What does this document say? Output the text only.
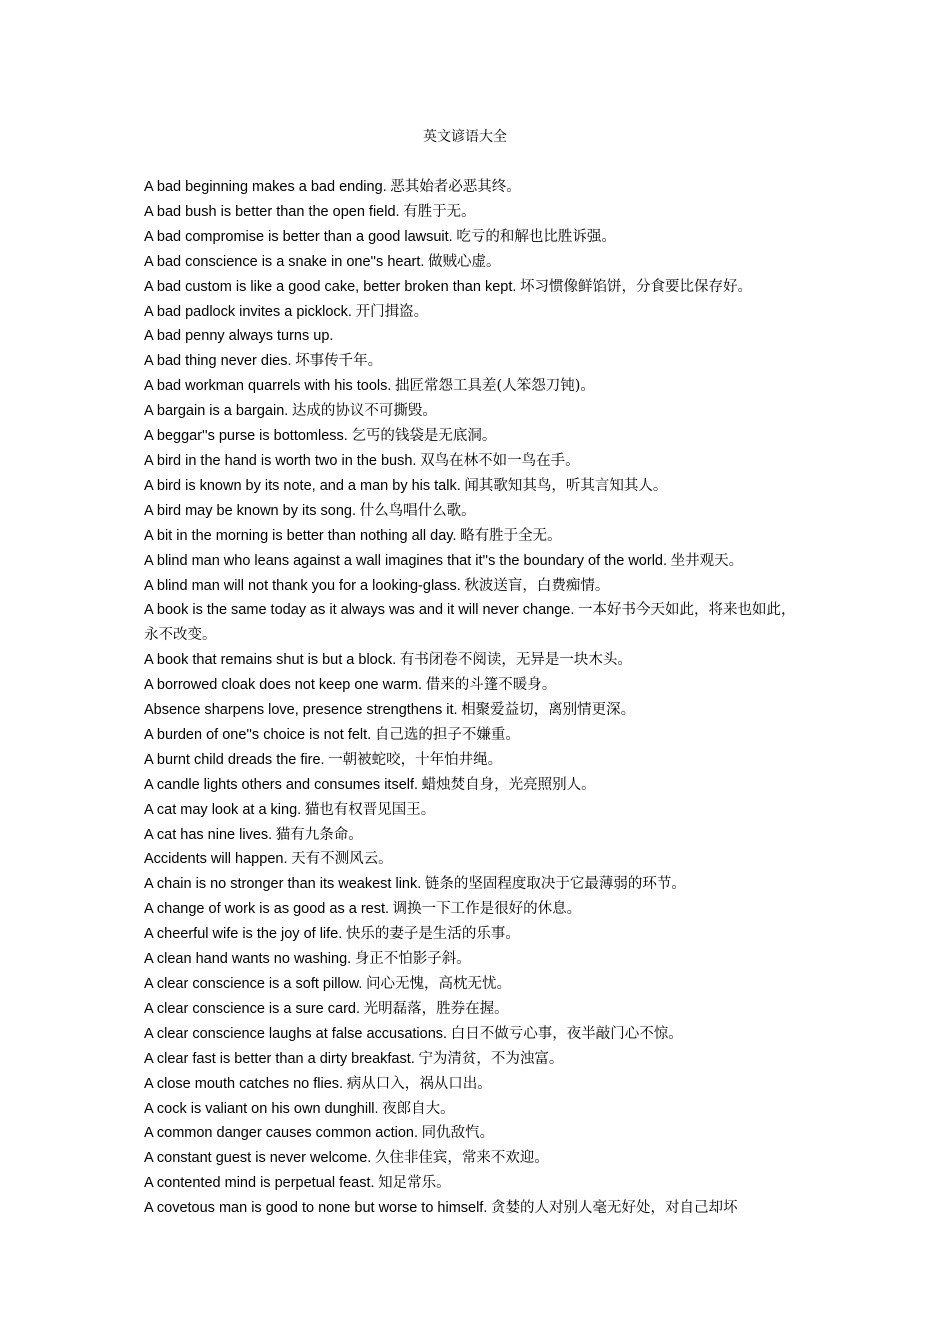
英文谚语大全
A bad beginning makes a bad ending. 恶其始者必恶其终。
A bad bush is better than the open field. 有胜于无。
A bad compromise is better than a good lawsuit. 吃亏的和解也比胜诉强。
A bad conscience is a snake in one''s heart. 做贼心虚。
A bad custom is like a good cake, better broken than kept. 坏习惯像鲜馅饼，分食要比保存好。
A bad padlock invites a picklock. 开门揖盗。
A bad penny always turns up.
A bad thing never dies. 坏事传千年。
A bad workman quarrels with his tools. 拙匠常怨工具差(人笨怨刀钝)。
A bargain is a bargain. 达成的协议不可撕毁。
A beggar''s purse is bottomless. 乞丐的钱袋是无底洞。
A bird in the hand is worth two in the bush. 双鸟在林不如一鸟在手。
A bird is known by its note, and a man by his talk. 闻其歌知其鸟，听其言知其人。
A bird may be known by its song. 什么鸟唱什么歌。
A bit in the morning is better than nothing all day. 略有胜于全无。
A blind man who leans against a wall imagines that it''s the boundary of the world. 坐井观天。
A blind man will not thank you for a looking-glass. 秋波送盲，白费痴情。
A book is the same today as it always was and it will never change. 一本好书今天如此，将来也如此，永不改变。
A book that remains shut is but a block. 有书闭卷不阅读，无异是一块木头。
A borrowed cloak does not keep one warm. 借来的斗篷不暖身。
Absence sharpens love, presence strengthens it. 相聚爱益切，离别情更深。
A burden of one''s choice is not felt. 自己选的担子不嫌重。
A burnt child dreads the fire. 一朝被蛇咬，十年怕井绳。
A candle lights others and consumes itself. 蜡烛焚自身，光亮照别人。
A cat may look at a king. 猫也有权晋见国王。
A cat has nine lives. 猫有九条命。
Accidents will happen. 天有不测风云。
A chain is no stronger than its weakest link. 链条的坚固程度取决于它最薄弱的环节。
A change of work is as good as a rest. 调换一下工作是很好的休息。
A cheerful wife is the joy of life. 快乐的妻子是生活的乐事。
A clean hand wants no washing. 身正不怕影子斜。
A clear conscience is a soft pillow. 问心无愧，高枕无忧。
A clear conscience is a sure card. 光明磊落，胜券在握。
A clear conscience laughs at false accusations. 白日不做亏心事，夜半敲门心不惊。
A clear fast is better than a dirty breakfast. 宁为清贫，不为浊富。
A close mouth catches no flies. 病从口入，祸从口出。
A cock is valiant on his own dunghill. 夜郎自大。
A common danger causes common action. 同仇敌忾。
A constant guest is never welcome. 久住非佳宾，常来不欢迎。
A contented mind is perpetual feast. 知足常乐。
A covetous man is good to none but worse to himself. 贪婪的人对别人毫无好处，对自己却坏
